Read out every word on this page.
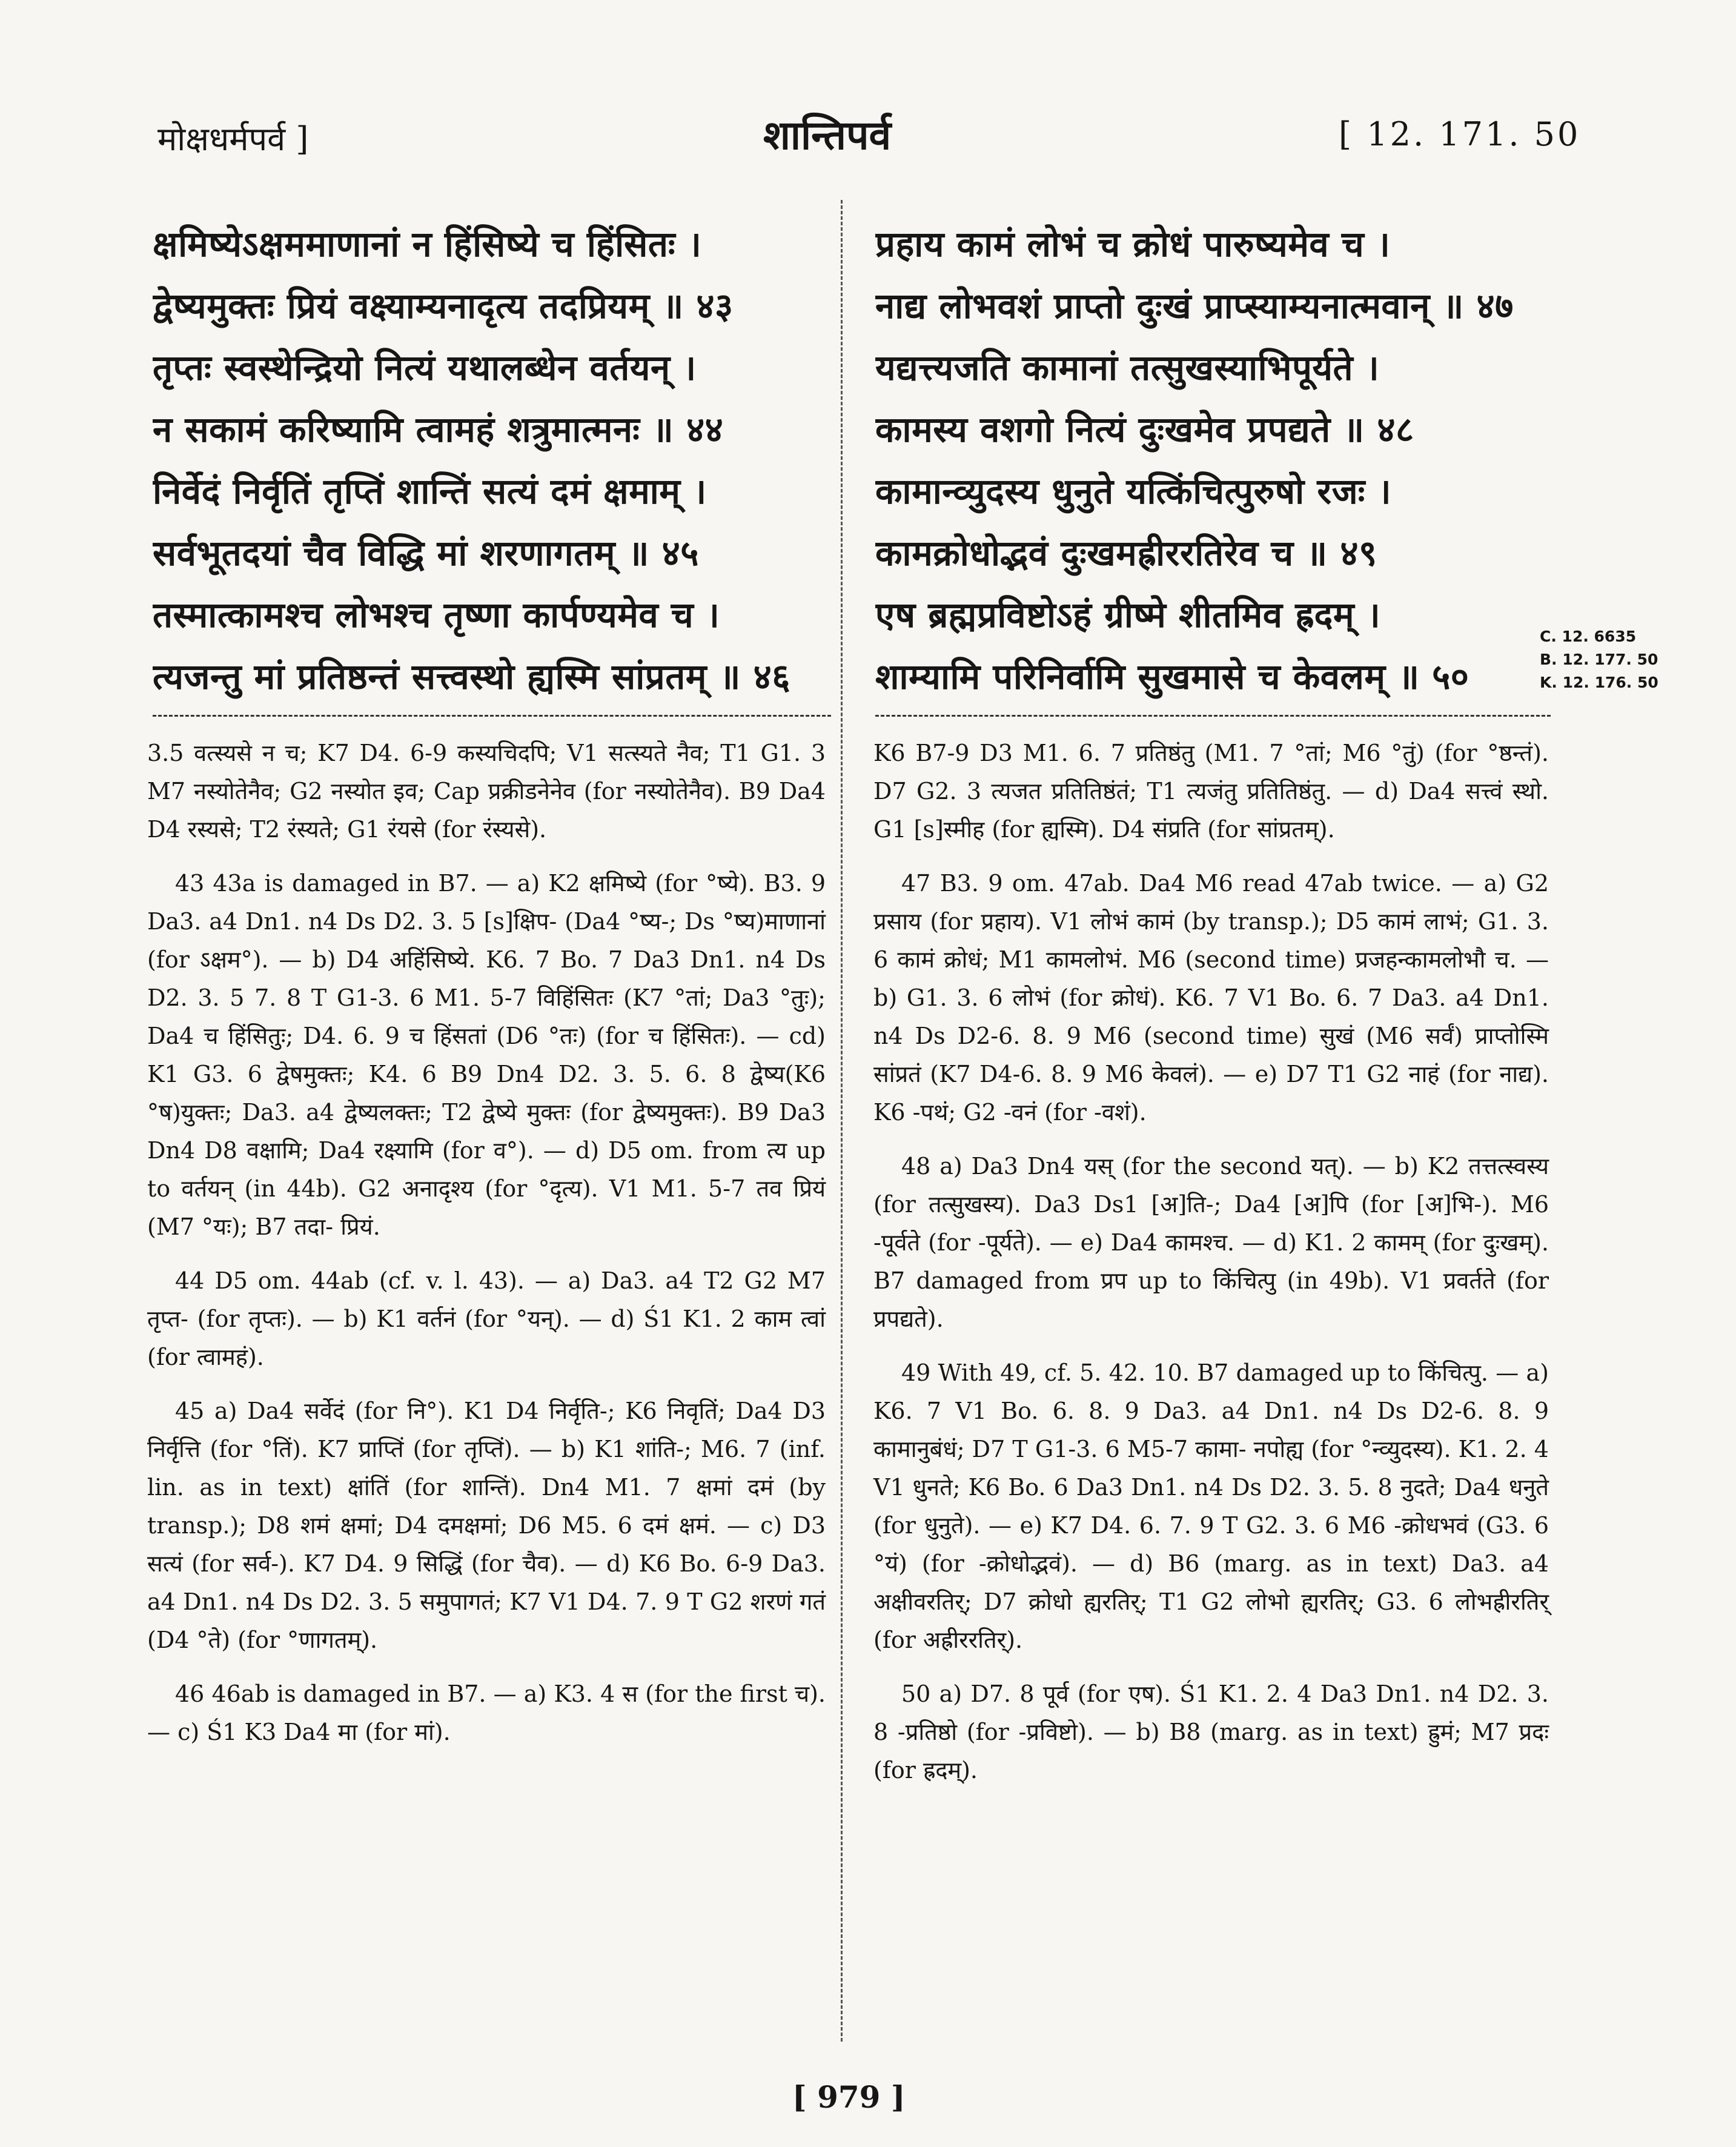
मोक्षधर्मपर्व ]	शान्तिपर्व	[ 12. 171. 50
क्षमिष्येऽक्षममाणानां न हिंसिष्ये च हिंसितः ।
द्वेष्यमुक्तः प्रियं वक्ष्याम्यनादृत्य तदप्रियम् ॥ ४३
तृप्तः स्वस्थेन्द्रियो नित्यं यथालब्धेन वर्तयन् ।
न सकामं करिष्यामि त्वामहं शत्रुमात्मनः ॥ ४४
निर्वेदं निर्वृतिं तृप्तिं शान्तिं सत्यं दमं क्षमाम् ।
सर्वभूतदयां चैव विद्धि मां शरणागतम् ॥ ४५
तस्मात्कामश्च लोभश्च तृष्णा कार्पण्यमेव च ।
त्यजन्तु मां प्रतिष्ठन्तं सत्त्वस्थो ह्यस्मि सांप्रतम् ॥ ४६
प्रहाय कामं लोभं च क्रोधं पारुष्यमेव च ।
नाद्य लोभवशं प्राप्तो दुःखं प्राप्स्याम्यनात्मवान् ॥ ४७
यद्यत्त्यजति कामानां तत्सुखस्याभिपूर्यते ।
कामस्य वशगो नित्यं दुःखमेव प्रपद्यते ॥ ४८
कामान्व्युदस्य धुनुते यत्किंचित्पुरुषो रजः ।
कामक्रोधोद्भवं दुःखमह्रीररतिरेव च ॥ ४९
एष ब्रह्मप्रविष्टोऽहं ग्रीष्मे शीतमिव ह्रदम् ।
शाम्यामि परिनिर्वामि सुखमासे च केवलम् ॥ ५०
C. 12. 6635
B. 12. 177. 50
K. 12. 176. 50

3.5 वत्स्यसे न च; K7 D4. 6-9 कस्यचिदपि; V1 सत्स्यते नैव; T1 G1. 3 M7 नस्योतेनैव; G2 नस्योत इव; Cap प्रक्रीडनेनेव (for नस्योतेनैव). B9 Da4 D4 रस्यसे; T2 रंस्यते; G1 रंयसे (for रंस्यसे).

43 43a is damaged in B7. — a) K2 क्षमिष्ये (for °ष्ये). B3. 9 Da3. a4 Dn1. n4 Ds D2. 3. 5 [s]क्षिप- (Da4 °ष्य-; Ds °ष्य)माणानां (for ऽक्षम°). — b) D4 अहिंसिष्ये. K6. 7 Bo. 7 Da3 Dn1. n4 Ds D2. 3. 5 7. 8 T G1-3. 6 M1. 5-7 विहिंसितः (K7 °तां; Da3 °तुः); Da4 च हिंसितुः; D4. 6. 9 च हिंसतां (D6 °तः) (for च हिंसितः). — cd) K1 G3. 6 द्वेषमुक्तः; K4. 6 B9 Dn4 D2. 3. 5. 6. 8 द्वेष्य(K6 °ष)युक्तः; Da3. a4 द्वेष्यलक्तः; T2 द्वेष्ये मुक्तः (for द्वेष्यमुक्तः). B9 Da3 Dn4 D8 वक्षामि; Da4 रक्ष्यामि (for व°). — d) D5 om. from त्य up to वर्तयन् (in 44b). G2 अनादृश्य (for °दृत्य). V1 M1. 5-7 तव प्रियं (M7 °यः); B7 तदा- प्रियं.

44 D5 om. 44ab (cf. v. l. 43). — a) Da3. a4 T2 G2 M7 तृप्त- (for तृप्तः). — b) K1 वर्तनं (for °यन्). — d) Ś1 K1. 2 काम त्वां (for त्वामहं).

45 a) Da4 सर्वेदं (for नि°). K1 D4 निर्वृति-; K6 निवृतिं; Da4 D3 निर्वृत्ति (for °तिं). K7 प्राप्तिं (for तृप्तिं). — b) K1 शांति-; M6. 7 (inf. lin. as in text) क्षांतिं (for शान्तिं). Dn4 M1. 7 क्षमां दमं (by transp.); D8 शमं क्षमां; D4 दमक्षमां; D6 M5. 6 दमं क्षमं. — c) D3 सत्यं (for सर्व-). K7 D4. 9 सिद्धिं (for चैव). — d) K6 Bo. 6-9 Da3. a4 Dn1. n4 Ds D2. 3. 5 समुपागतं; K7 V1 D4. 7. 9 T G2 शरणं गतं (D4 °ते) (for °णागतम्).

46 46ab is damaged in B7. — a) K3. 4 स (for the first च). — c) Ś1 K3 Da4 मा (for मां).

K6 B7-9 D3 M1. 6. 7 प्रतिष्ठंतु (M1. 7 °तां; M6 °तुं) (for °ष्ठन्तं). D7 G2. 3 त्यजत प्रतितिष्ठंतं; T1 त्यजंतु प्रतितिष्ठंतु. — d) Da4 सत्त्वं स्थो. G1 [s]स्मीह (for ह्यस्मि). D4 संप्रति (for सांप्रतम्).

47 B3. 9 om. 47ab. Da4 M6 read 47ab twice. — a) G2 प्रसाय (for प्रहाय). V1 लोभं कामं (by transp.); D5 कामं लाभं; G1. 3. 6 कामं क्रोधं; M1 कामलोभं. M6 (second time) प्रजहन्कामलोभौ च. — b) G1. 3. 6 लोभं (for क्रोधं). K6. 7 V1 Bo. 6. 7 Da3. a4 Dn1. n4 Ds D2-6. 8. 9 M6 (second time) सुखं (M6 सर्वं) प्राप्तोस्मि सांप्रतं (K7 D4-6. 8. 9 M6 केवलं). — e) D7 T1 G2 नाहं (for नाद्य). K6 -पथं; G2 -वनं (for -वशं).

48 a) Da3 Dn4 यस् (for the second यत्). — b) K2 तत्तत्स्वस्य (for तत्सुखस्य). Da3 Ds1 [अ]ति-; Da4 [अ]पि (for [अ]भि-). M6 -पूर्वते (for -पूर्यते). — e) Da4 कामश्च. — d) K1. 2 कामम् (for दुःखम्). B7 damaged from प्रप up to किंचित्पु (in 49b). V1 प्रवर्तते (for प्रपद्यते).

49 With 49, cf. 5. 42. 10. B7 damaged up to किंचित्पु. — a) K6. 7 V1 Bo. 6. 8. 9 Da3. a4 Dn1. n4 Ds D2-6. 8. 9 कामानुबंधं; D7 T G1-3. 6 M5-7 कामा- नपोह्य (for °न्व्युदस्य). K1. 2. 4 V1 धुनते; K6 Bo. 6 Da3 Dn1. n4 Ds D2. 3. 5. 8 नुदते; Da4 धनुते (for धुनुते). — e) K7 D4. 6. 7. 9 T G2. 3. 6 M6 -क्रोधभवं (G3. 6 °यं) (for -क्रोधोद्भवं). — d) B6 (marg. as in text) Da3. a4 अक्षीवरतिर्; D7 क्रोधो ह्यरतिर्; T1 G2 लोभो ह्यरतिर्; G3. 6 लोभह्रीरतिर् (for अह्रीररतिर्).

50 a) D7. 8 पूर्व (for एष). Ś1 K1. 2. 4 Da3 Dn1. n4 D2. 3. 8 -प्रतिष्ठो (for -प्रविष्टो). — b) B8 (marg. as in text) ह्रुमं; M7 प्रदः (for ह्रदम्).

[ 979 ]
